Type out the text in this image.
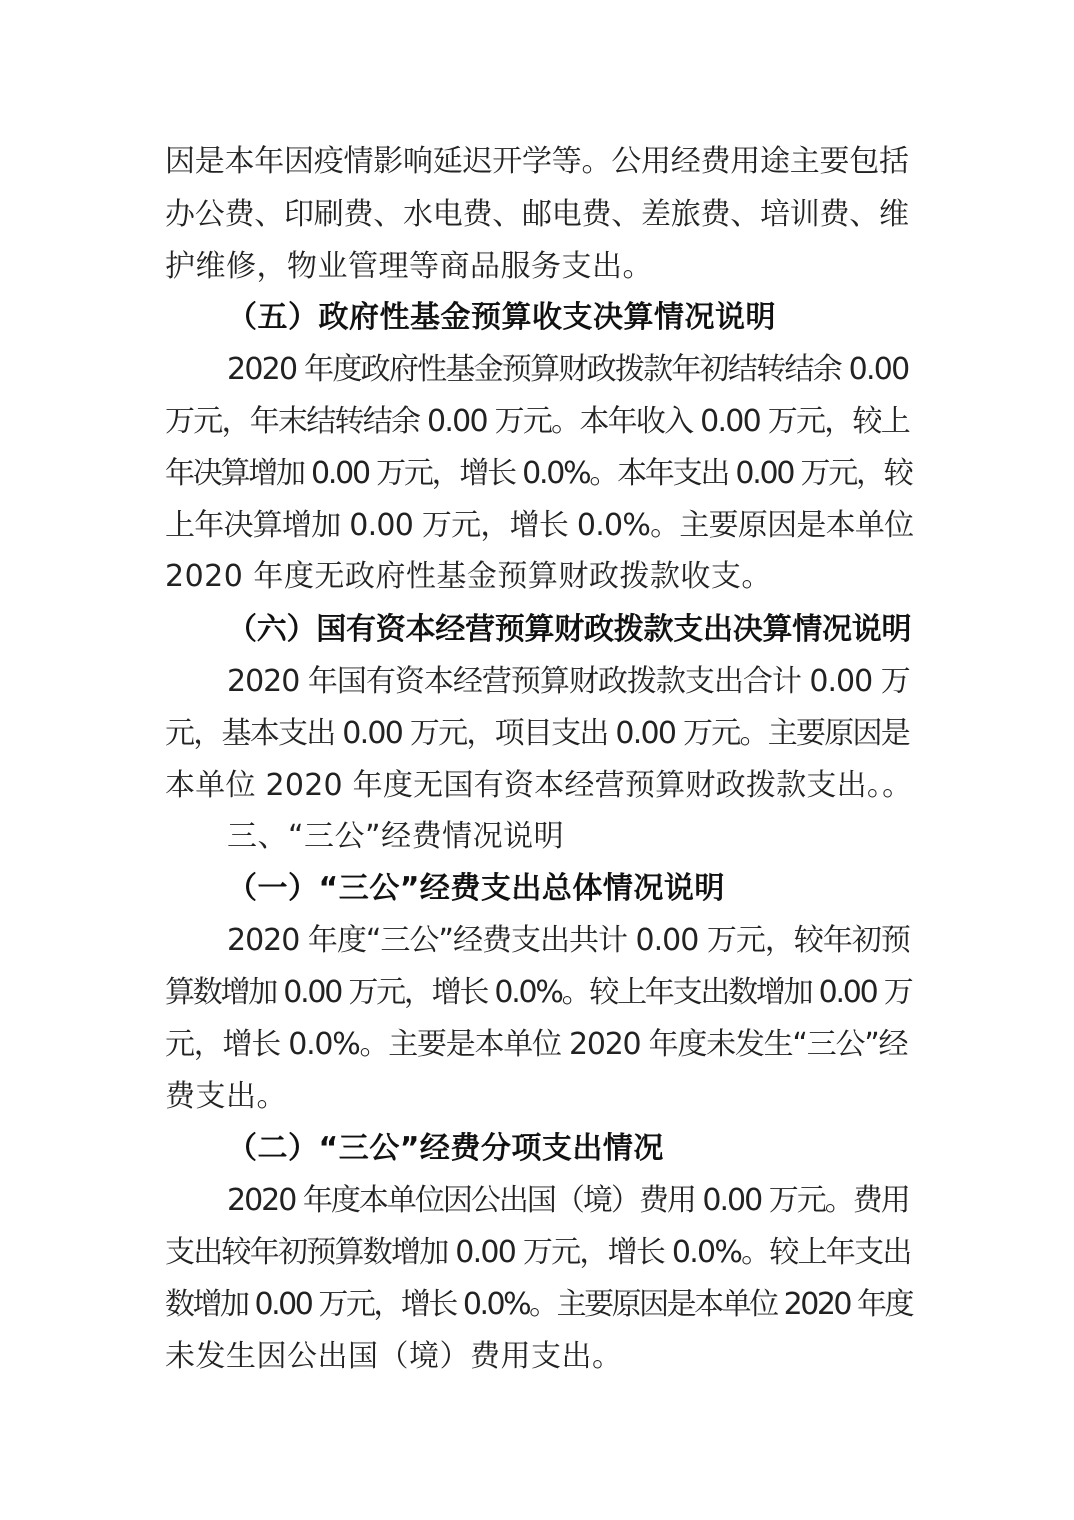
因是本年因疫情影响延迟开学等。公用经费用途主要包括

办公费、印刷费、水电费、邮电费、差旅费、培训费、维

护维修，物业管理等商品服务支出。

（五）政府性基金预算收支决算情况说明

2020 年度政府性基金预算财政拨款年初结转结余 0.00

万元，年末结转结余 0.00 万元。本年收入 0.00 万元，较上

年决算增加 0.00 万元，增长 0.0%。本年支出 0.00 万元，较

上年决算增加 0.00 万元，增长 0.0%。主要原因是本单位

2020 年度无政府性基金预算财政拨款收支。

（六）国有资本经营预算财政拨款支出决算情况说明

2020 年国有资本经营预算财政拨款支出合计 0.00 万

元，基本支出 0.00 万元，项目支出 0.00 万元。主要原因是

本单位 2020 年度无国有资本经营预算财政拨款支出。。

三、“三公”经费情况说明
（一）“三公”经费支出总体情况说明

2020 年度“三公”经费支出共计 0.00 万元，较年初预

算数增加 0.00 万元，增长 0.0%。较上年支出数增加 0.00 万

元，增长 0.0%。主要是本单位 2020 年度未发生“三公”经

费支出。

（二）“三公”经费分项支出情况

2020 年度本单位因公出国（境）费用 0.00 万元。费用

支出较年初预算数增加 0.00 万元，增长 0.0%。较上年支出

数增加 0.00 万元，增长 0.0%。主要原因是本单位 2020 年度

未发生因公出国（境）费用支出。
